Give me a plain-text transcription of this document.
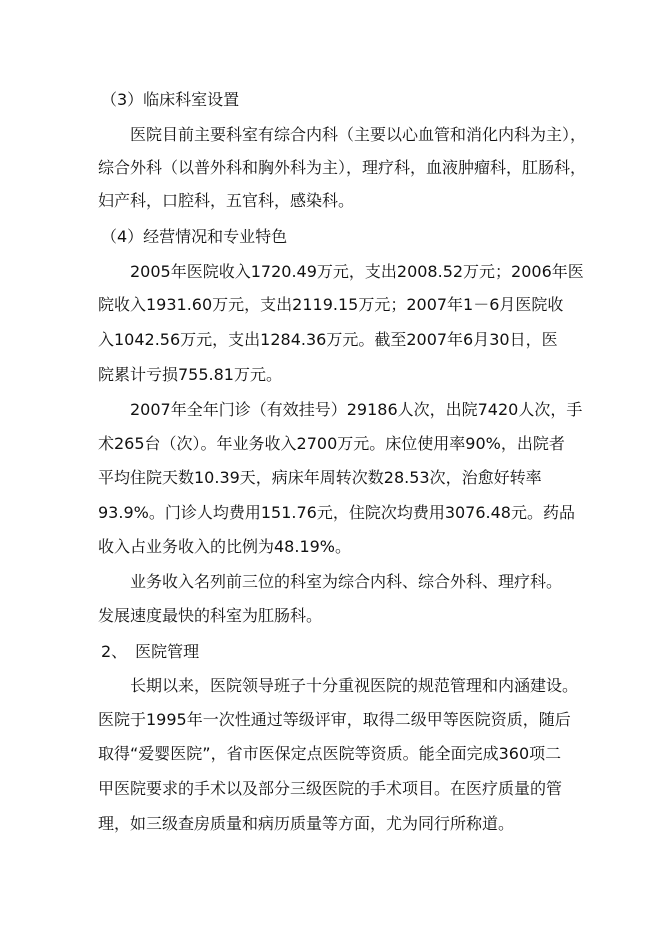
（3）临床科室设置
医院目前主要科室有综合内科（主要以心血管和消化内科为主），
综合外科（以普外科和胸外科为主），理疗科，血液肿瘤科，肛肠科，
妇产科，口腔科，五官科，感染科。
（4）经营情况和专业特色
2005年医院收入1720.49万元，支出2008.52万元；2006年医
院收入1931.60万元，支出2119.15万元；2007年1－6月医院收
入1042.56万元，支出1284.36万元。截至2007年6月30日，医
院累计亏损755.81万元。
2007年全年门诊（有效挂号）29186人次，出院7420人次，手
术265台（次）。年业务收入2700万元。床位使用率90%，出院者
平均住院天数10.39天，病床年周转次数28.53次，治愈好转率
93.9%。门诊人均费用151.76元，住院次均费用3076.48元。药品
收入占业务收入的比例为48.19%。
业务收入名列前三位的科室为综合内科、综合外科、理疗科。
发展速度最快的科室为肛肠科。
2、　医院管理
长期以来，医院领导班子十分重视医院的规范管理和内涵建设。
医院于1995年一次性通过等级评审，取得二级甲等医院资质，随后
取得“爱婴医院”，省市医保定点医院等资质。能全面完成360项二
甲医院要求的手术以及部分三级医院的手术项目。在医疗质量的管
理，如三级查房质量和病历质量等方面，尤为同行所称道。
